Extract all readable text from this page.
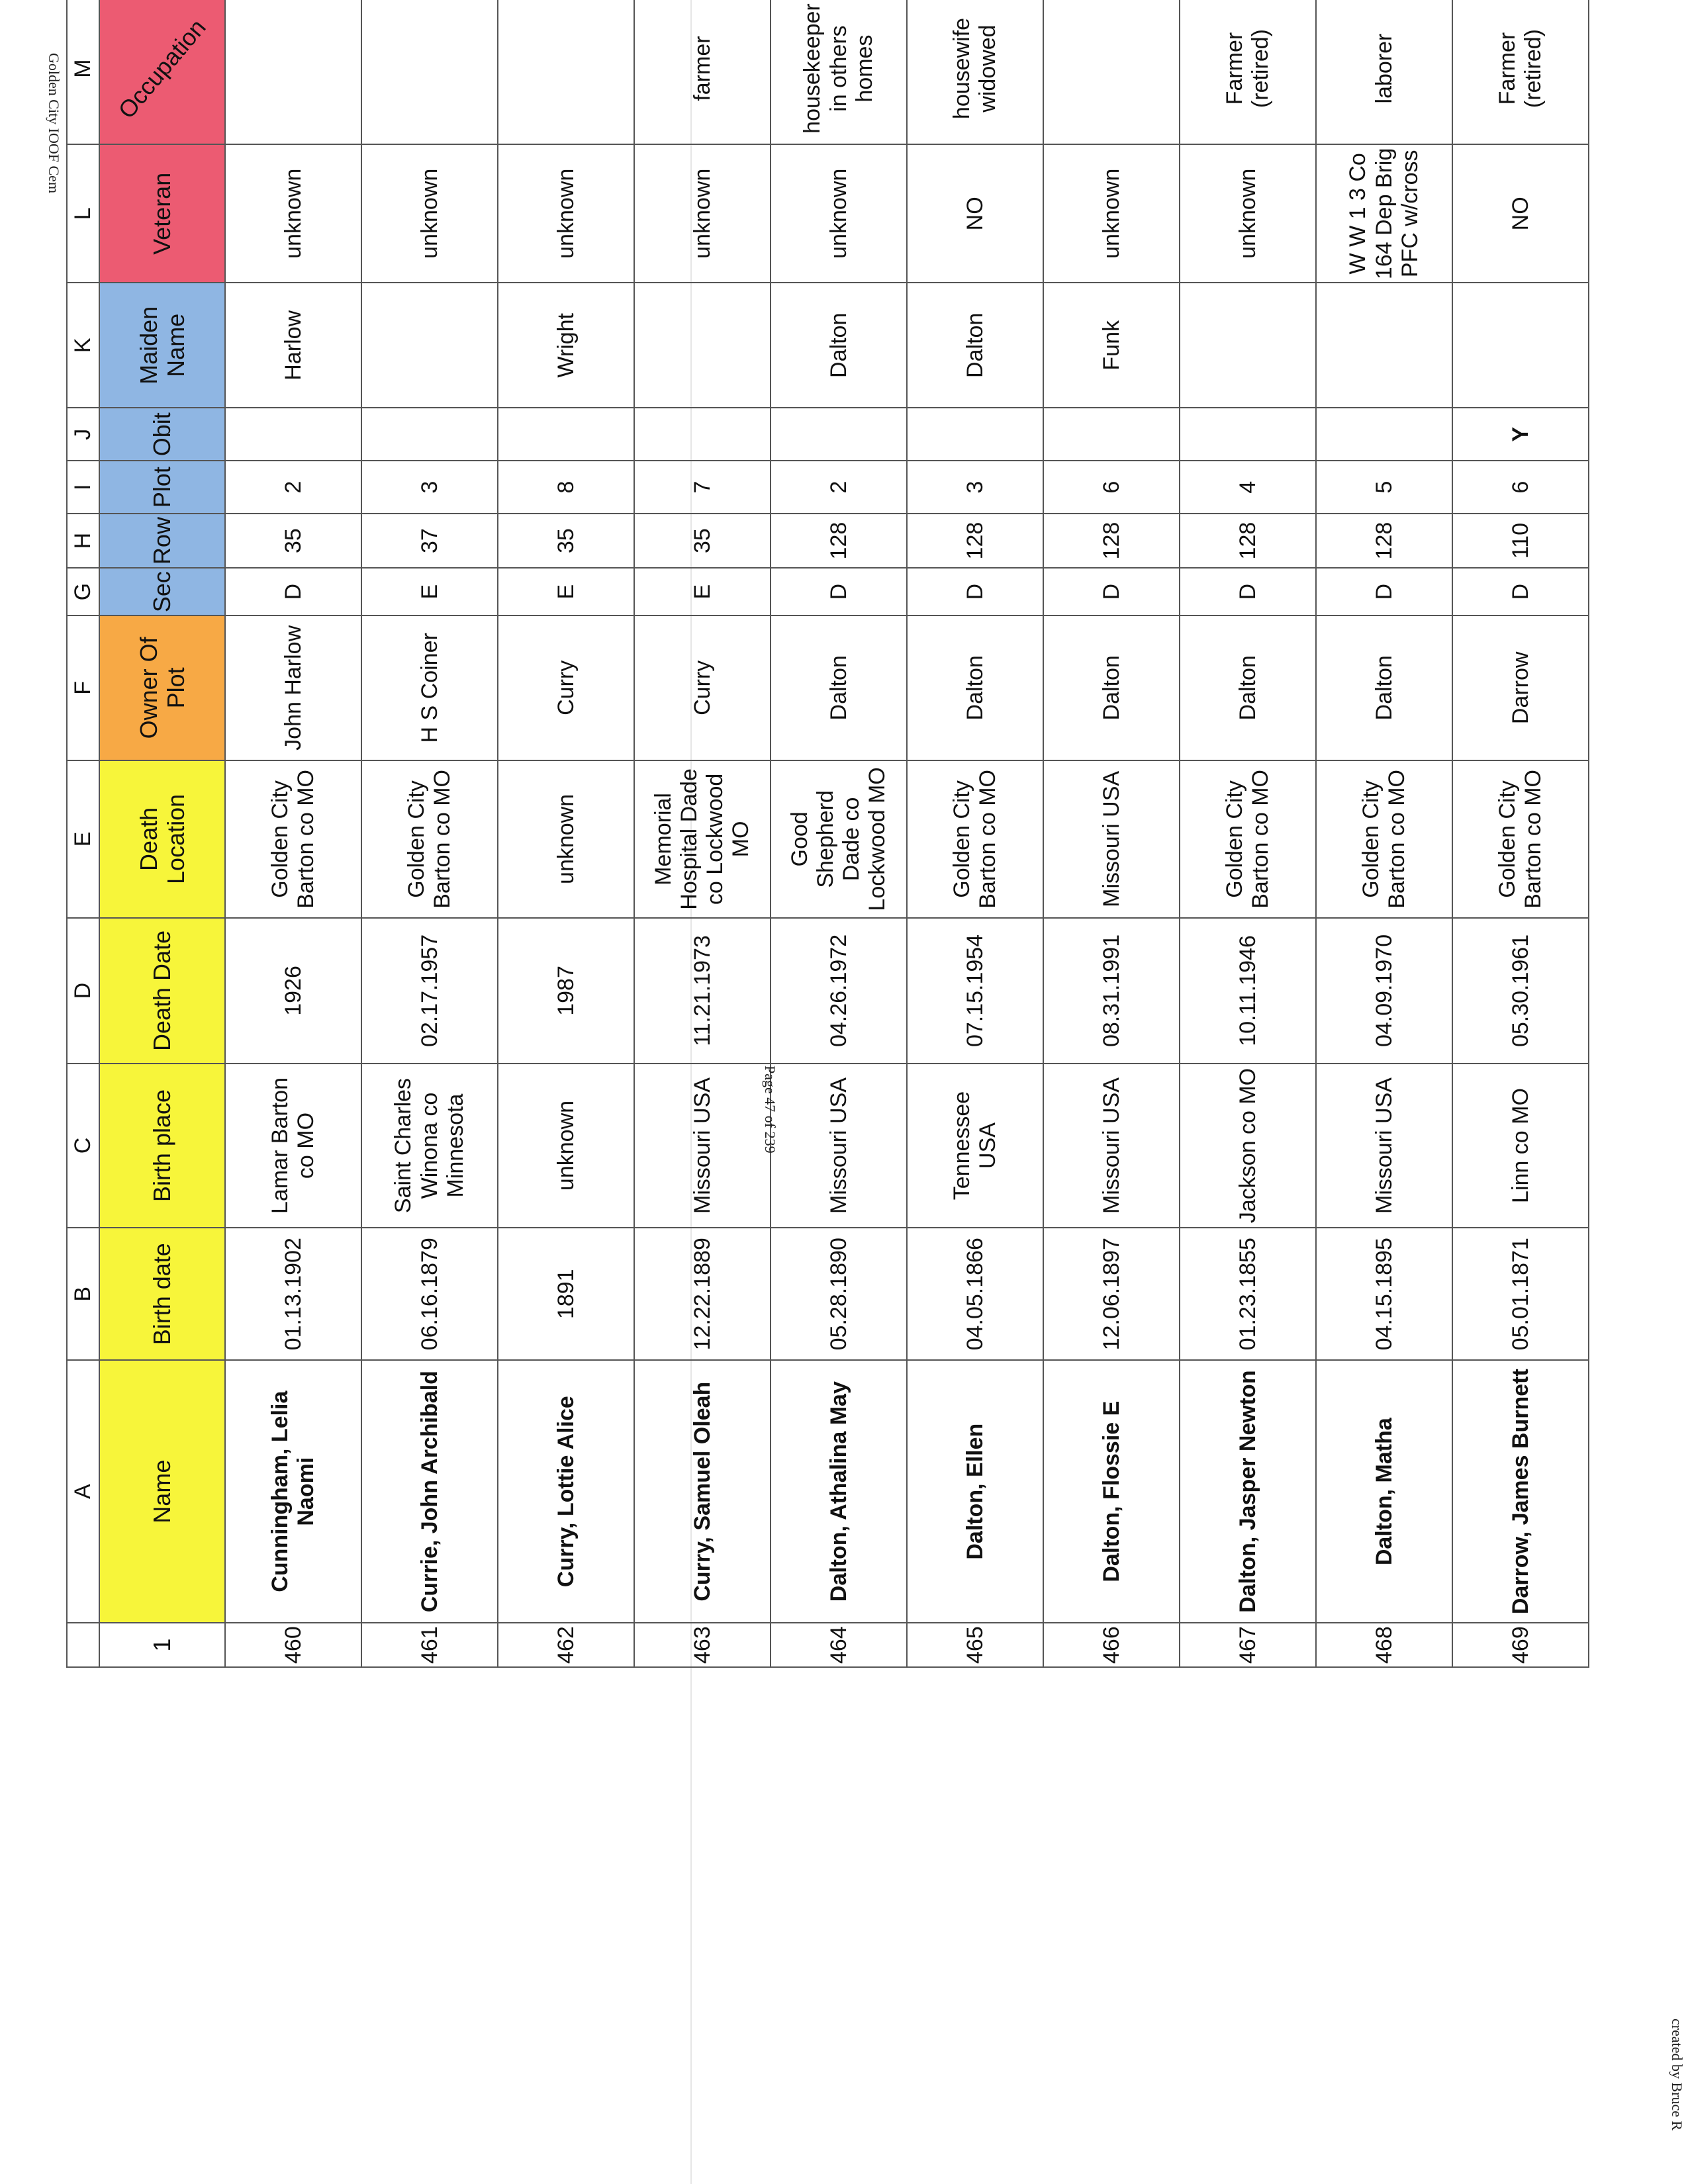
	A	B	C	D	E	F	G	H	I	J	K	L	M		
1	Name	Birth date	Birth place	Death Date	Death Location	Owner Of Plot	Sec	Row	Plot	Obit	Maiden Name	Veteran	Occupation		
460	Cunningham, Lelia Naomi	01.13.1902	Lamar Barton co MO	1926	Golden City Barton co MO	John Harlow	D	35	2		Harlow	unknown			
461	Currie, John Archibald	06.16.1879	Saint Charles Winona co Minnesota	02.17.1957	Golden City Barton co MO	H S Coiner	E	37	3			unknown			
462	Curry, Lottie Alice	1891	unknown	1987	unknown	Curry	E	35	8		Wright	unknown			
463	Curry, Samuel Oleah	12.22.1889	Missouri USA	11.21.1973	Memorial Hospital Dade co Lockwood MO	Curry	E	35	7			unknown	farmer		
464	Dalton, Athalina May	05.28.1890	Missouri USA	04.26.1972	Good Shepherd Dade co Lockwood MO	Dalton	D	128	2		Dalton	unknown	housekeeper in others homes		
465	Dalton, Ellen	04.05.1866	Tennessee USA	07.15.1954	Golden City Barton co MO	Dalton	D	128	3		Dalton	NO	housewife widowed		
466	Dalton, Flossie E	12.06.1897	Missouri USA	08.31.1991	Missouri USA	Dalton	D	128	6		Funk	unknown			
467	Dalton, Jasper Newton	01.23.1855	Jackson co MO	10.11.1946	Golden City Barton co MO	Dalton	D	128	4			unknown	Farmer (retired)		
468	Dalton, Matha	04.15.1895	Missouri USA	04.09.1970	Golden City Barton co MO	Dalton	D	128	5			W W 1 3 Co 164 Dep Brig PFC w/cross	laborer		
469	Darrow, James Burnett	05.01.1871	Linn co MO	05.30.1961	Golden City Barton co MO	Darrow	D	110	6	Y		NO	Farmer (retired)		
Golden City IOOF Cem
Page 47 of 239
created by Bruce R
